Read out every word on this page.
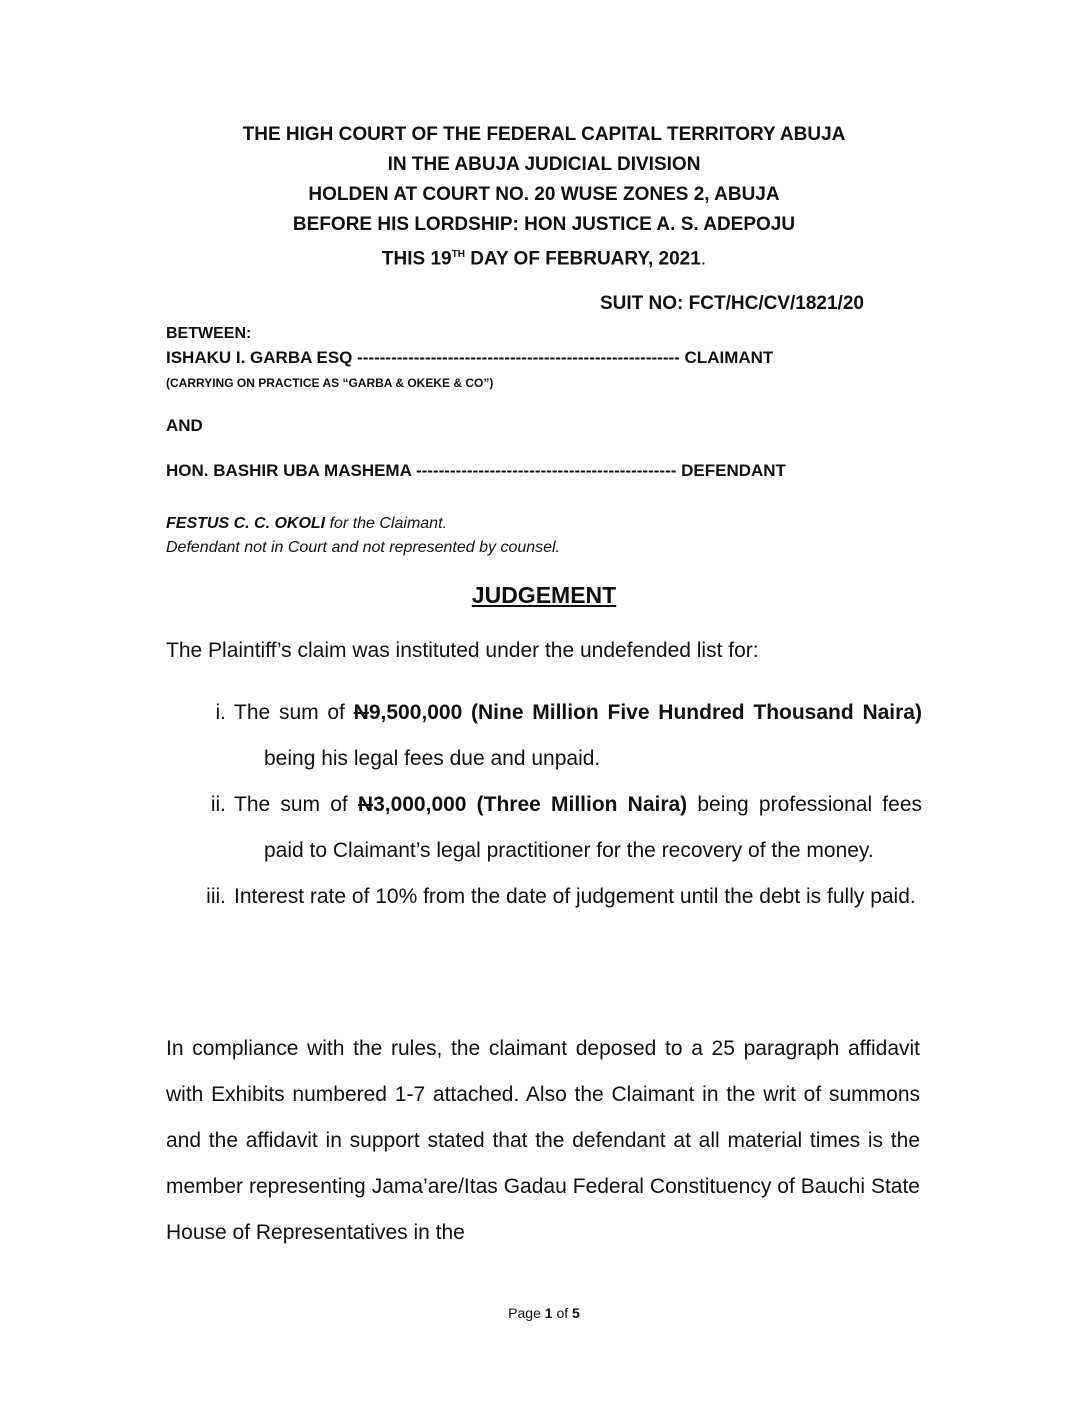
THE HIGH COURT OF THE FEDERAL CAPITAL TERRITORY ABUJA
IN THE ABUJA JUDICIAL DIVISION
HOLDEN AT COURT NO. 20 WUSE ZONES 2, ABUJA
BEFORE HIS LORDSHIP: HON JUSTICE A. S. ADEPOJU
THIS 19TH DAY OF FEBRUARY, 2021.
SUIT NO: FCT/HC/CV/1821/20
BETWEEN:
ISHAKU I. GARBA ESQ --------------------------------------------------------- CLAIMANT
(CARRYING ON PRACTICE AS “GARBA & OKEKE & CO”)
AND
HON. BASHIR UBA MASHEMA ---------------------------------------------- DEFENDANT
FESTUS C. C. OKOLI for the Claimant.
Defendant not in Court and not represented by counsel.
JUDGEMENT
The Plaintiff’s claim was instituted under the undefended list for:
i. The sum of N9,500,000 (Nine Million Five Hundred Thousand Naira) being his legal fees due and unpaid.
ii. The sum of N3,000,000 (Three Million Naira) being professional fees paid to Claimant’s legal practitioner for the recovery of the money.
iii. Interest rate of 10% from the date of judgement until the debt is fully paid.
In compliance with the rules, the claimant deposed to a 25 paragraph affidavit with Exhibits numbered 1-7 attached. Also the Claimant in the writ of summons and the affidavit in support stated that the defendant at all material times is the member representing Jama’are/Itas Gadau Federal Constituency of Bauchi State House of Representatives in the
Page 1 of 5
